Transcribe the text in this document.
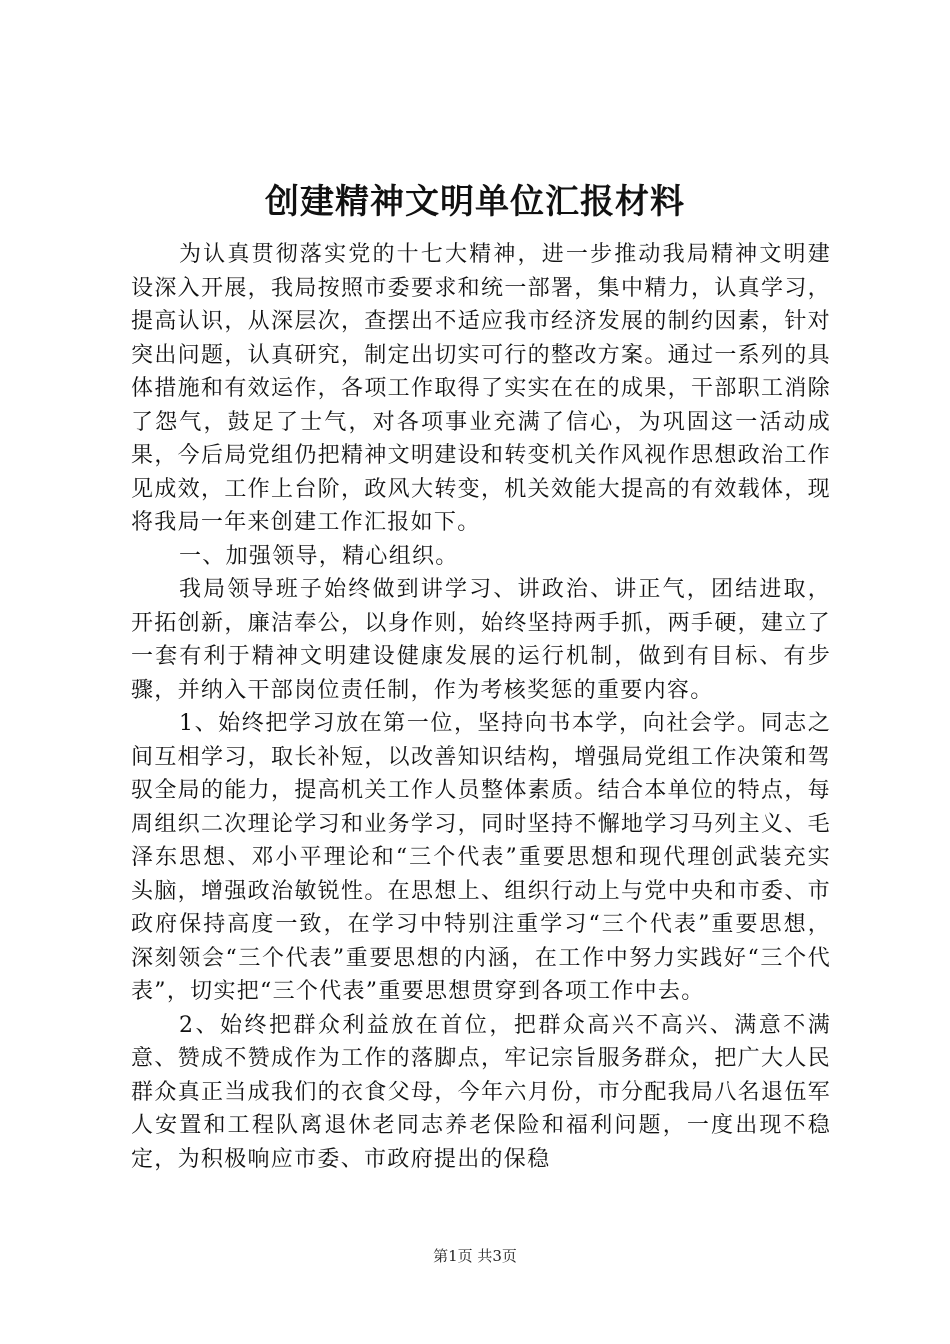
创建精神文明单位汇报材料

为认真贯彻落实党的十七大精神，进一步推动我局精神文明建设深入开展，我局按照市委要求和统一部署，集中精力，认真学习，提高认识，从深层次，查摆出不适应我市经济发展的制约因素，针对突出问题，认真研究，制定出切实可行的整改方案。通过一系列的具体措施和有效运作，各项工作取得了实实在在的成果，干部职工消除了怨气，鼓足了士气，对各项事业充满了信心，为巩固这一活动成果，今后局党组仍把精神文明建设和转变机关作风视作思想政治工作见成效，工作上台阶，政风大转变，机关效能大提高的有效载体，现将我局一年来创建工作汇报如下。

一、加强领导，精心组织。

我局领导班子始终做到讲学习、讲政治、讲正气，团结进取，开拓创新，廉洁奉公，以身作则，始终坚持两手抓，两手硬，建立了一套有利于精神文明建设健康发展的运行机制，做到有目标、有步骤，并纳入干部岗位责任制，作为考核奖惩的重要内容。

1、始终把学习放在第一位，坚持向书本学，向社会学。同志之间互相学习，取长补短，以改善知识结构，增强局党组工作决策和驾驭全局的能力，提高机关工作人员整体素质。结合本单位的特点，每周组织二次理论学习和业务学习，同时坚持不懈地学习马列主义、毛泽东思想、邓小平理论和“三个代表”重要思想和现代理创武装充实头脑，增强政治敏锐性。在思想上、组织行动上与党中央和市委、市政府保持高度一致，在学习中特别注重学习“三个代表”重要思想，深刻领会“三个代表”重要思想的内涵，在工作中努力实践好“三个代表”，切实把“三个代表”重要思想贯穿到各项工作中去。

2、始终把群众利益放在首位，把群众高兴不高兴、满意不满意、赞成不赞成作为工作的落脚点，牢记宗旨服务群众，把广大人民群众真正当成我们的衣食父母，今年六月份，市分配我局八名退伍军人安置和工程队离退休老同志养老保险和福利问题，一度出现不稳定，为积极响应市委、市政府提出的保稳

第1页 共3页
